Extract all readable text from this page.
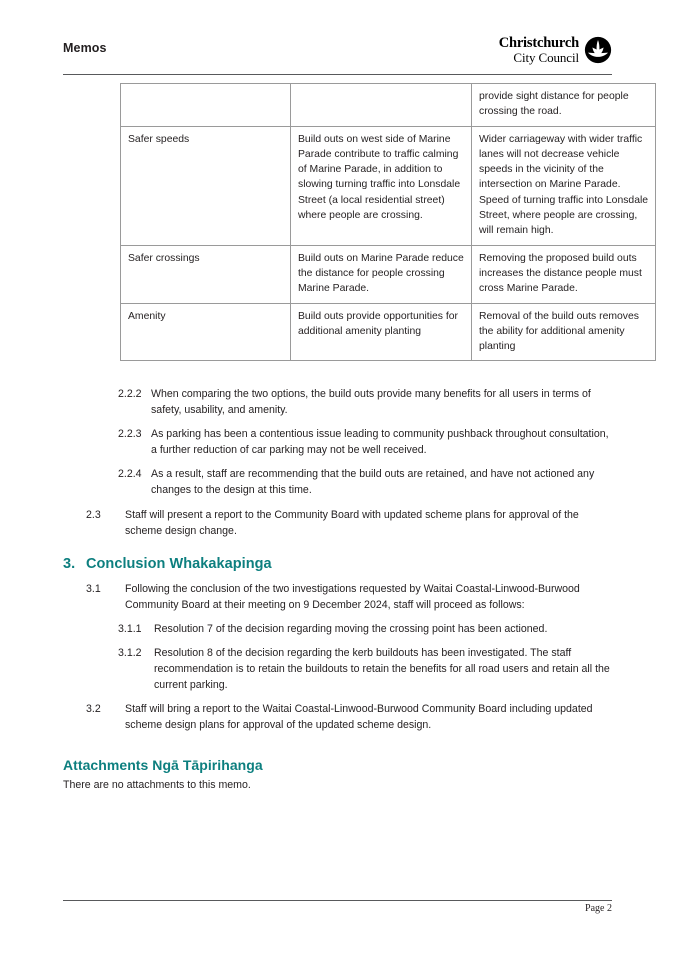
Memos	Christchurch
City Council
		provide sight distance for people crossing the road.
Safer speeds	Build outs on west side of Marine Parade contribute to traffic calming of Marine Parade, in addition to slowing turning traffic into Lonsdale Street (a local residential street) where people are crossing.	Wider carriageway with wider traffic lanes will not decrease vehicle speeds in the vicinity of the intersection on Marine Parade. Speed of turning traffic into Lonsdale Street, where people are crossing, will remain high.
Safer crossings	Build outs on Marine Parade reduce the distance for people crossing Marine Parade.	Removing the proposed build outs increases the distance people must cross Marine Parade.
Amenity	Build outs provide opportunities for additional amenity planting	Removal of the build outs removes the ability for additional amenity planting
2.2.2 When comparing the two options, the build outs provide many benefits for all users in terms of safety, usability, and amenity.
2.2.3 As parking has been a contentious issue leading to community pushback throughout consultation, a further reduction of car parking may not be well received.
2.2.4 As a result, staff are recommending that the build outs are retained, and have not actioned any changes to the design at this time.
2.3	Staff will present a report to the Community Board with updated scheme plans for approval of the scheme design change.
3. Conclusion Whakakapinga
3.1	Following the conclusion of the two investigations requested by Waitai Coastal-Linwood-Burwood Community Board at their meeting on 9 December 2024, staff will proceed as follows:
3.1.1	Resolution 7 of the decision regarding moving the crossing point has been actioned.
3.1.2	Resolution 8 of the decision regarding the kerb buildouts has been investigated. The staff recommendation is to retain the buildouts to retain the benefits for all road users and retain all the current parking.
3.2	Staff will bring a report to the Waitai Coastal-Linwood-Burwood Community Board including updated scheme design plans for approval of the updated scheme design.
Attachments Ngā Tāpirihanga
There are no attachments to this memo.
Page 2
